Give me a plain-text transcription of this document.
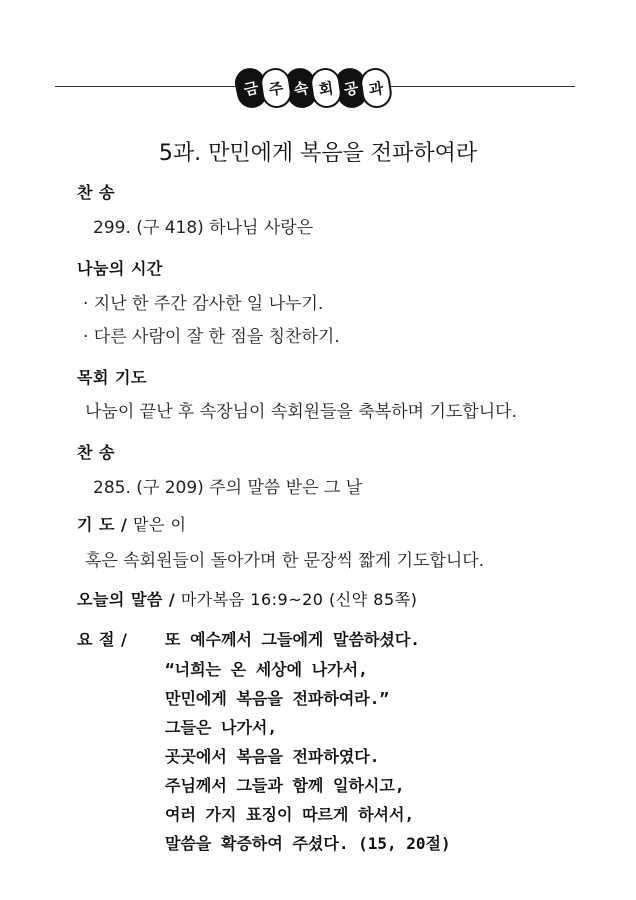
금 주 속 회 공 과
5과. 만민에게 복음을 전파하여라
찬 송
299. (구 418) 하나님 사랑은
나눔의 시간
· 지난 한 주간 감사한 일 나누기.
· 다른 사람이 잘 한 점을 칭찬하기.
목회 기도
나눔이 끝난 후 속장님이 속회원들을 축복하며 기도합니다.
찬 송
285. (구 209) 주의 말씀 받은 그 날
기 도 / 맡은 이
혹은 속회원들이 돌아가며 한 문장씩 짧게 기도합니다.
오늘의 말씀 / 마가복음 16:9~20 (신약 85쪽)
요 절 / 또 예수께서 그들에게 말씀하셨다.
“너희는 온 세상에 나가서,
만민에게 복음을 전파하여라.”
그들은 나가서,
곳곳에서 복음을 전파하였다.
주님께서 그들과 함께 일하시고,
여러 가지 표징이 따르게 하셔서,
말씀을 확증하여 주셨다. (15, 20절)
